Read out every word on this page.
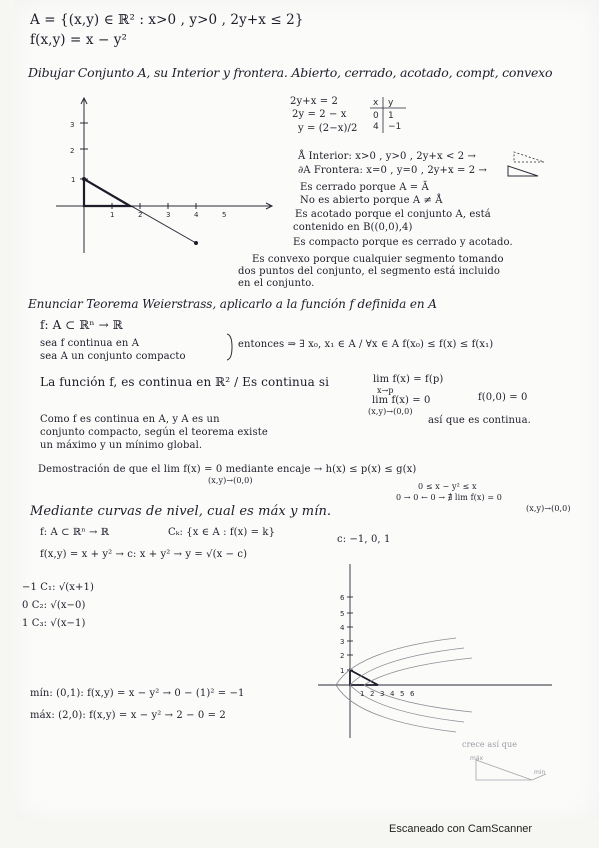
A = {(x,y) ∈ ℝ² : x>0 , y>0 , 2y+x ≤ 2}
f(x,y) = x − y²
Dibujar Conjunto A, su Interior y frontera. Abierto, cerrado, acotado, compt, convexo
3
2
1
1	2	3	4	5
2y+x = 2
2y = 2 − x
y = (2−x)/2
x y
0 1
4 −1
Å Interior: x>0 , y>0 , 2y+x < 2 →
∂A Frontera: x=0 , y=0 , 2y+x = 2 →
Es cerrado porque A = Ā
No es abierto porque A ≠ Å
Es acotado porque el conjunto A, está
contenido en B((0,0),4)
Es compacto porque es cerrado y acotado.
Es convexo porque cualquier segmento tomando
dos puntos del conjunto, el segmento está incluido
en el conjunto.
Enunciar Teorema Weierstrass, aplicarlo a la función f definida en A
f: A ⊂ ℝⁿ → ℝ
sea f continua en A
sea A un conjunto compacto
entonces ⇒ ∃ x₀, x₁ ∈ A / ∀x ∈ A f(x₀) ≤ f(x) ≤ f(x₁)
La función f, es continua en ℝ² / Es continua si	lim f(x) = f(p)
x→p
lim f(x) = 0
(x,y)→(0,0)
f(0,0) = 0
así que es continua.
Como f es continua en A, y A es un
conjunto compacto, según el teorema existe
un máximo y un mínimo global.
Demostración de que el lim f(x) = 0 mediante encaje → h(x) ≤ p(x) ≤ g(x)
(x,y)→(0,0)
0 ≤ x − y² ≤ x
0 → 0 ← 0 → ∄ lim f(x) = 0
(x,y)→(0,0)
Mediante curvas de nivel, cual es máx y mín.
f: A ⊂ ℝⁿ → ℝ	Cₖ: {x ∈ A : f(x) = k}
c: −1, 0, 1
f(x,y) = x + y² → c: x + y² → y = √(x − c)
−1 C₁: √(x+1)
0 C₂: √(x−0)
1 C₃: √(x−1)
6
5
4
3
2
1
1 2 3 4 5 6
mín: (0,1): f(x,y) = x − y² → 0 − (1)² = −1
máx: (2,0): f(x,y) = x − y² → 2 − 0 = 2
crece así que
máx
min
Escaneado con CamScanner
